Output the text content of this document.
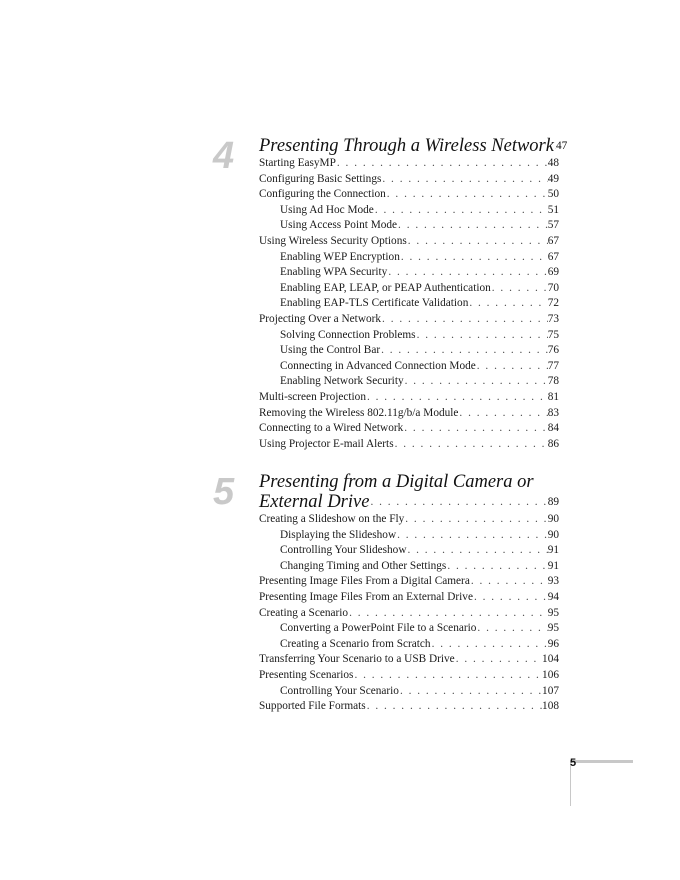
4 Presenting Through a Wireless Network . . . 47
Starting EasyMP . . .	48
Configuring Basic Settings . . .	49
Configuring the Connection . . .	50
Using Ad Hoc Mode . . .	51
Using Access Point Mode . . .	57
Using Wireless Security Options . . .	67
Enabling WEP Encryption . . .	67
Enabling WPA Security . . .	69
Enabling EAP, LEAP, or PEAP Authentication . . .	70
Enabling EAP-TLS Certificate Validation . . .	72
Projecting Over a Network . . .	73
Solving Connection Problems . . .	75
Using the Control Bar . . .	76
Connecting in Advanced Connection Mode . . .	77
Enabling Network Security . . .	78
Multi-screen Projection . . .	81
Removing the Wireless 802.11g/b/a Module . . .	83
Connecting to a Wired Network . . .	84
Using Projector E-mail Alerts . . .	86
5 Presenting from a Digital Camera or
External Drive . . .	89
Creating a Slideshow on the Fly . . .	90
Displaying the Slideshow . . .	90
Controlling Your Slideshow . . .	91
Changing Timing and Other Settings . . .	91
Presenting Image Files From a Digital Camera . . .	93
Presenting Image Files From an External Drive . . .	94
Creating a Scenario . . .	95
Converting a PowerPoint File to a Scenario . . .	95
Creating a Scenario from Scratch . . .	96
Transferring Your Scenario to a USB Drive . . .	104
Presenting Scenarios . . .	106
Controlling Your Scenario . . .	107
Supported File Formats . . .	108
5
